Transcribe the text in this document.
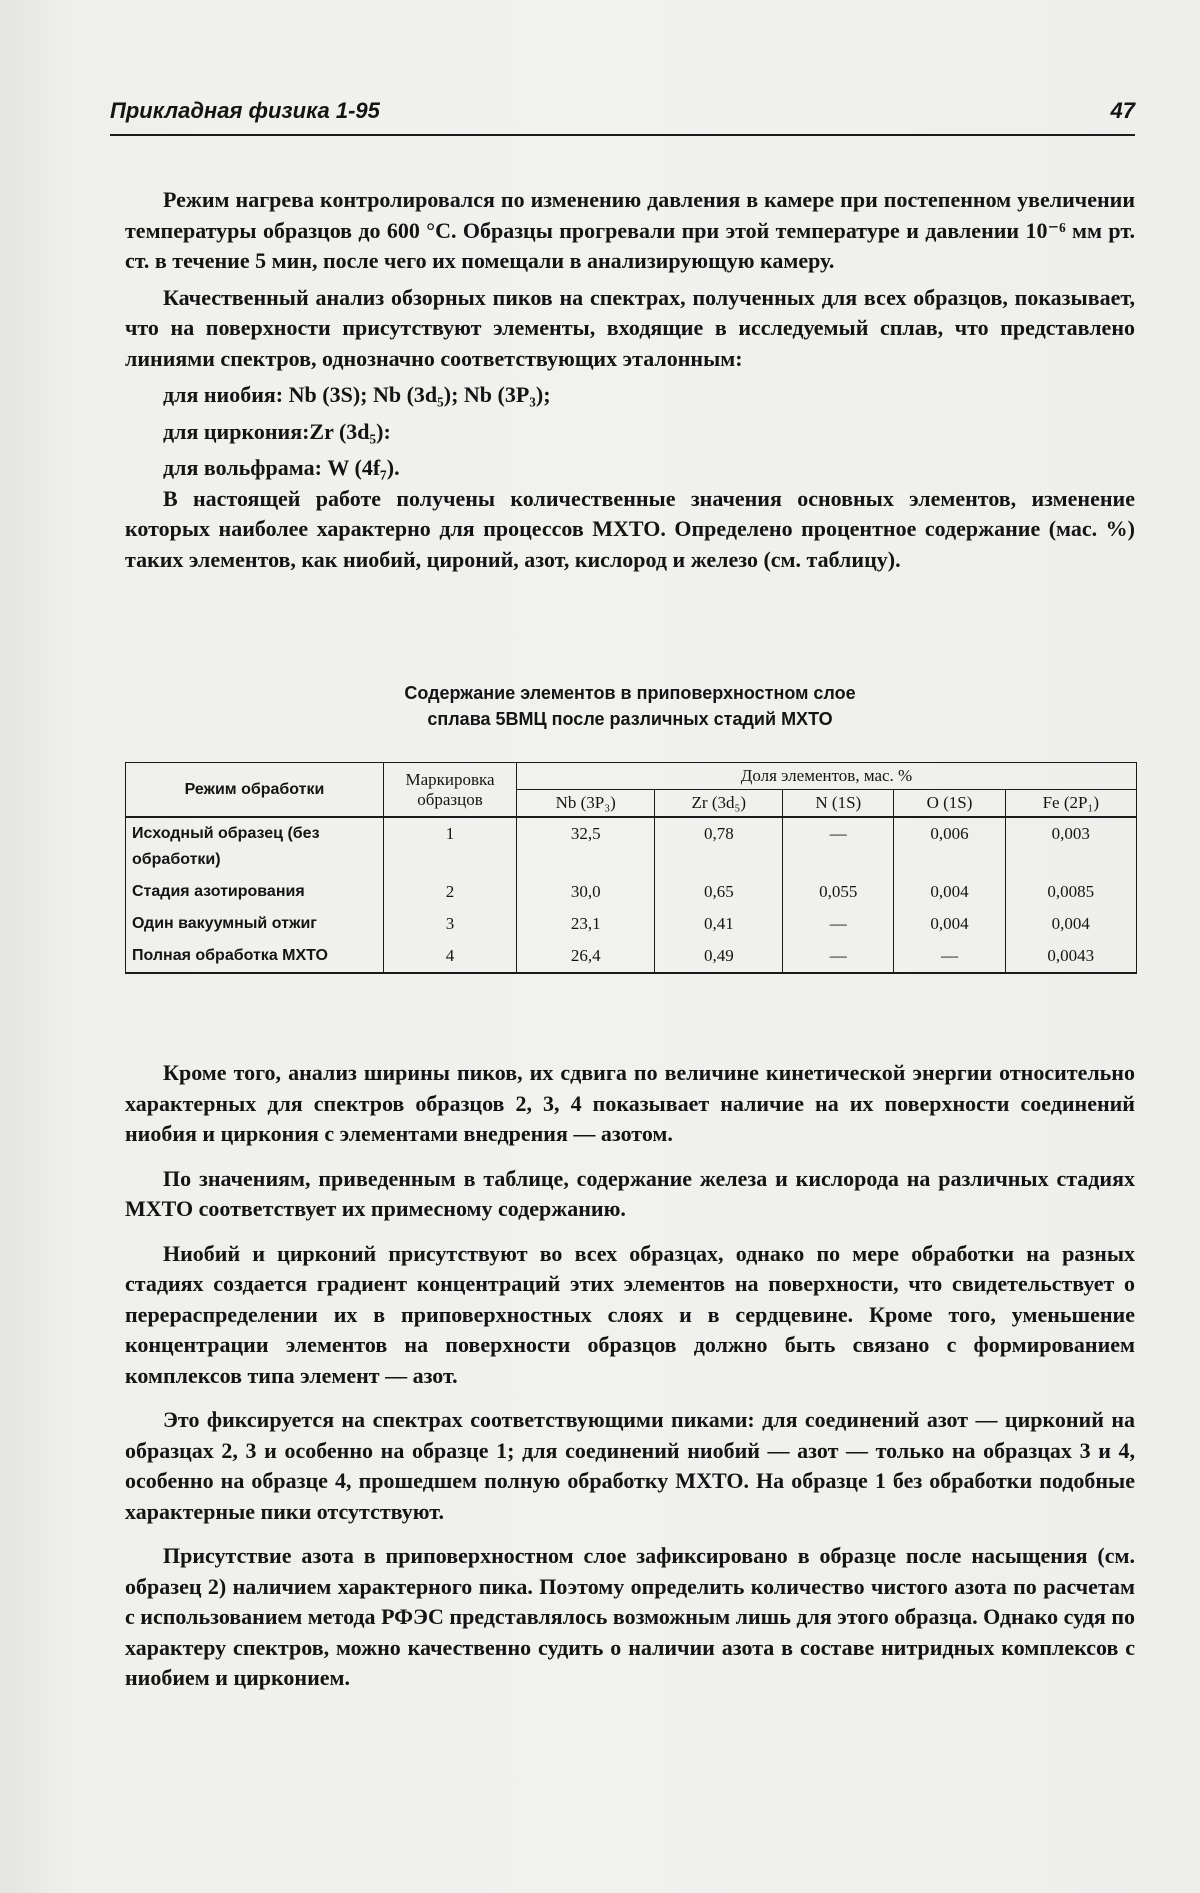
Прикладная физика 1-95	47

Режим нагрева контролировался по изменению давления в камере при постепенном увеличении температуры образцов до 600 °С. Образцы прогревали при этой температуре и давлении 10⁻⁶ мм рт. ст. в течение 5 мин, после чего их помещали в анализирующую камеру.

Качественный анализ обзорных пиков на спектрах, полученных для всех образцов, показывает, что на поверхности присутствуют элементы, входящие в исследуемый сплав, что представлено линиями спектров, однозначно соответствующих эталонным:

для ниобия: Nb (3S); Nb (3d₅); Nb (3P₃);

для циркония:Zr (3d₅):

для вольфрама: W (4f₇).

В настоящей работе получены количественные значения основных элементов, изменение которых наиболее характерно для процессов МХТО. Определено процентное содержание (мас. %) таких элементов, как ниобий, цирoний, азот, кислород и железо (см. таблицу).

Содержание элементов в приповерхностном слое
сплава 5ВМЦ после различных стадий МХТО
Режим обработки	Маркировка образцов	Доля элементов, мас. %				
		Nb (3P₃)	Zr (3d₅)	N (1S)	O (1S)	Fe (2P₁)
Исходный образец (без обработки)	1	32,5	0,78	—	0,006	0,003
Стадия азотирования	2	30,0	0,65	0,055	0,004	0,0085
Один вакуумный отжиг	3	23,1	0,41	—	0,004	0,004
Полная обработка МХТО	4	26,4	0,49	—	—	0,0043

Кроме того, анализ ширины пиков, их сдвига по величине кинетической энергии относительно характерных для спектров образцов 2, 3, 4 показывает наличие на их поверхности соединений ниобия и циркония с элементами внедрения — азотом.

По значениям, приведенным в таблице, содержание железа и кислорода на различных стадиях МХТО соответствует их примесному содержанию.

Ниобий и цирконий присутствуют во всех образцах, однако по мере обработки на разных стадиях создается градиент концентраций этих элементов на поверхности, что свидетельствует о перераспределении их в приповерхностных слоях и в сердцевине. Кроме того, уменьшение концентрации элементов на поверхности образцов должно быть связано с формированием комплексов типа элемент — азот.

Это фиксируется на спектрах соответствующими пиками: для соединений азот — цирконий на образцах 2, 3 и особенно на образце 1; для соединений ниобий — азот — только на образцах 3 и 4, особенно на образце 4, прошедшем полную обработку МХТО. На образце 1 без обработки подобные характерные пики отсутствуют.

Присутствие азота в приповерхностном слое зафиксировано в образце после насыщения (см. образец 2) наличием характерного пика. Поэтому определить количество чистого азота по расчетам с использованием метода РФЭС представлялось возможным лишь для этого образца. Однако судя по характеру спектров, можно качественно судить о наличии азота в составе нитридных комплексов с ниобием и цирконием.
